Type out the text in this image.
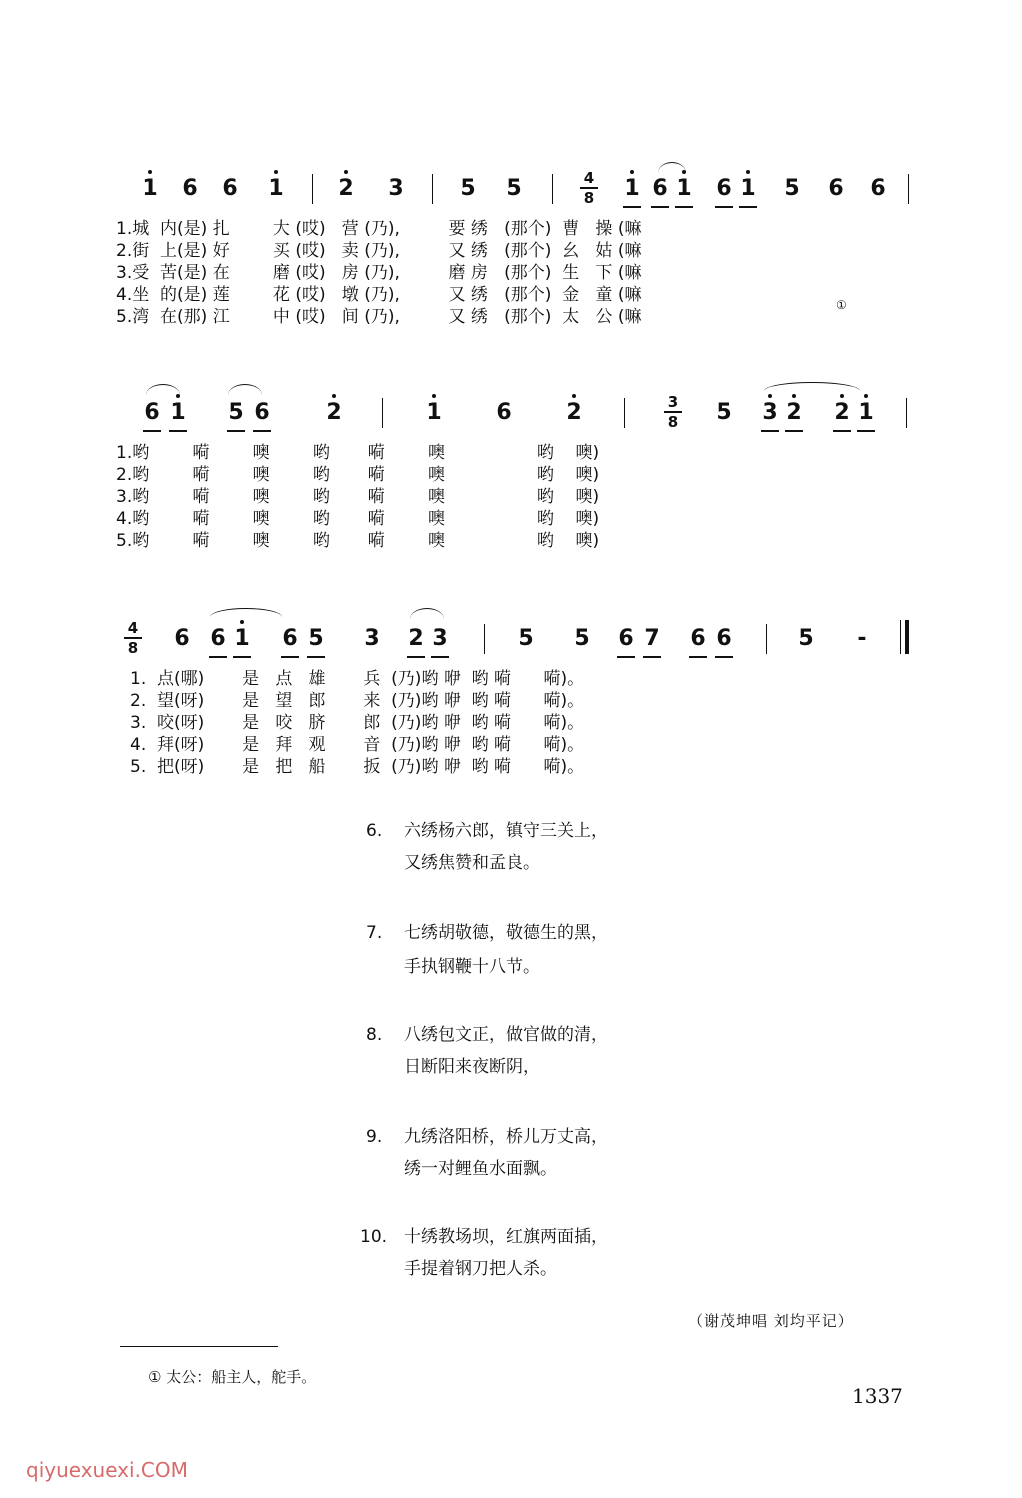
1 6 6 1 2 3	5 5	4
8 1 6 1 6 1 5 6 6
1.城  内(是) 扎        大 (哎)   营 (乃),         要 绣   (那个)  曹   操 (嘛
2.街  上(是) 好        买 (哎)   卖 (乃),         又 绣   (那个)  幺   姑 (嘛
3.受  苦(是) 在        磨 (哎)   房 (乃),         磨 房   (那个)  生   下 (嘛
4.坐  的(是) 莲        花 (哎)   墩 (乃),         又 绣   (那个)  金   童 (嘛
5.湾  在(那) 江        中 (哎)   间 (乃),         又 绣   (那个)  太   公 (嘛
①
6 1 5 6	2	1 6 2	3
8 5 3 2 2 1
1.哟        嗬        噢        哟       嗬        噢                 哟    噢)
2.哟        嗬        噢        哟       嗬        噢                 哟    噢)
3.哟        嗬        噢        哟       嗬        噢                 哟    噢)
4.哟        嗬        噢        哟       嗬        噢                 哟    噢)
5.哟        嗬        噢        哟       嗬        噢                 哟    噢)
4
8 6 6 1 6 5 3 2 3	5 5 6 7 6 6	5 -
1.  点(哪)       是   点   雄       兵  (乃)哟 咿  哟 嗬      嗬)。
2.  望(呀)       是   望   郎       来  (乃)哟 咿  哟 嗬      嗬)。
3.  咬(呀)       是   咬   脐       郎  (乃)哟 咿  哟 嗬      嗬)。
4.  拜(呀)       是   拜   观       音  (乃)哟 咿  哟 嗬      嗬)。
5.  把(呀)       是   把   船       扳  (乃)哟 咿  哟 嗬      嗬)。
6. 六绣杨六郎，镇守三关上，
又绣焦赞和孟良。
7. 七绣胡敬德，敬德生的黑，
手执钢鞭十八节。
8. 八绣包文正，做官做的清，
日断阳来夜断阴，
9. 九绣洛阳桥，桥儿万丈高，
绣一对鲤鱼水面飘。
10. 十绣教场坝，红旗两面插，
手提着钢刀把人杀。
（谢茂坤唱 刘均平记）
① 太公：船主人，舵手。
1337
qiyuexuexi.COM
